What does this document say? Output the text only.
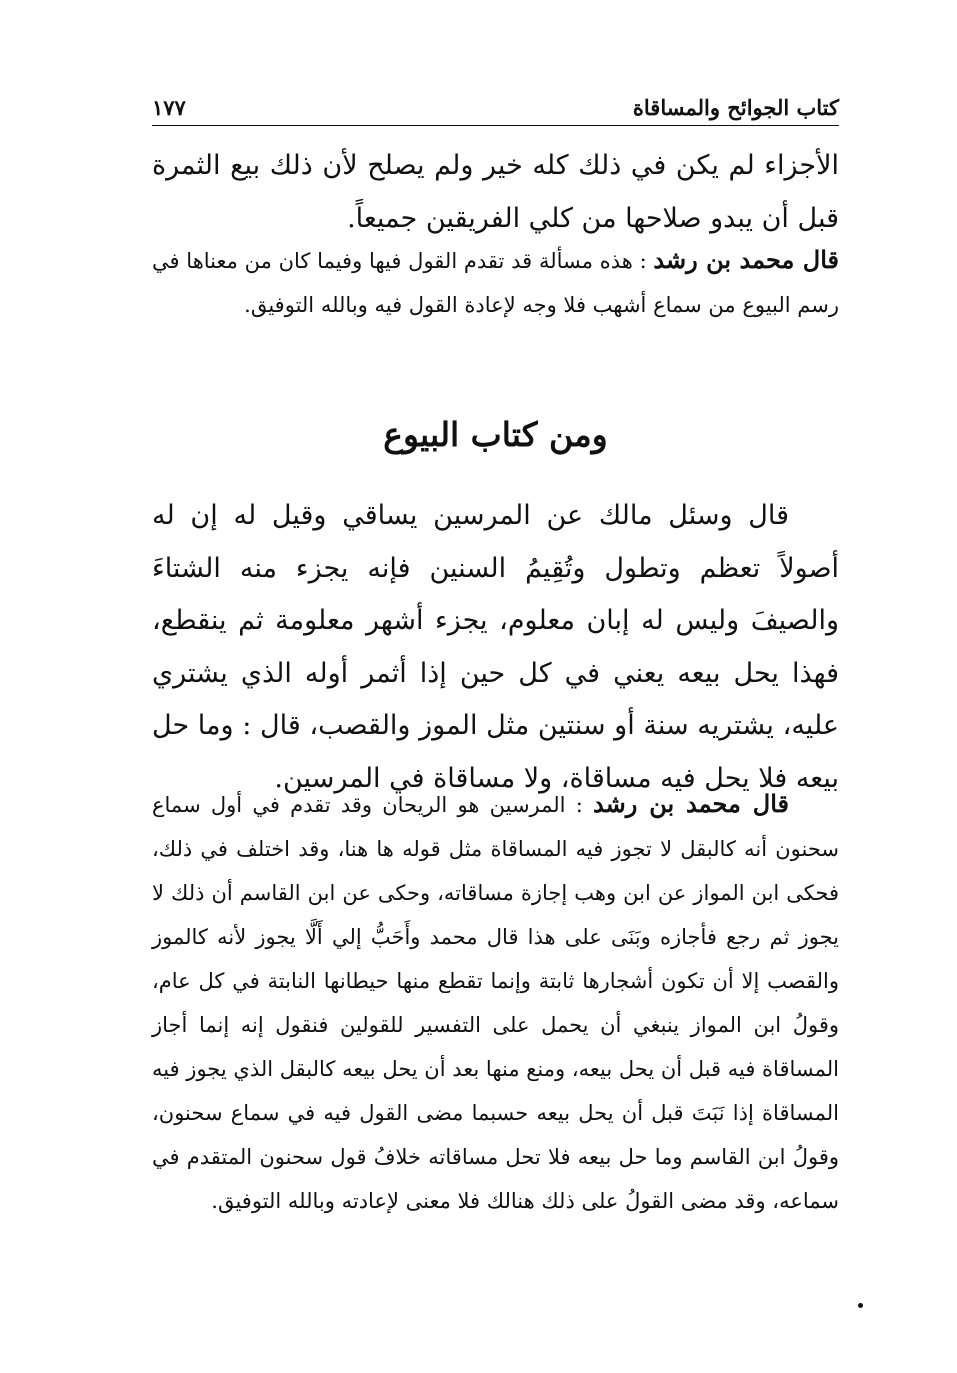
كتاب الجوائح والمساقاة
١٧٧

الأجزاء لم يكن في ذلك كله خير ولم يصلح لأن ذلك بيع الثمرة قبل أن يبدو صلاحها من كلي الفريقين جميعاً.

قال محمد بن رشد : هذه مسألة قد تقدم القول فيها وفيما كان من معناها في رسم البيوع من سماع أشهب فلا وجه لإعادة القول فيه وبالله التوفيق.

ومن كتاب البيوع

قال وسئل مالك عن المرسين يساقي وقيل له إن له أصولاً تعظم وتطول وتُقِيمُ السنين فإنه يجزء منه الشتاءَ والصيفَ وليس له إبان معلوم، يجزء أشهر معلومة ثم ينقطع، فهذا يحل بيعه يعني في كل حين إذا أثمر أوله الذي يشتري عليه، يشتريه سنة أو سنتين مثل الموز والقصب، قال : وما حل بيعه فلا يحل فيه مساقاة، ولا مساقاة في المرسين.

قال محمد بن رشد : المرسين هو الريحان وقد تقدم في أول سماع سحنون أنه كالبقل لا تجوز فيه المساقاة مثل قوله ها هنا، وقد اختلف في ذلك، فحكى ابن المواز عن ابن وهب إجازة مساقاته، وحكى عن ابن القاسم أن ذلك لا يجوز ثم رجع فأجازه وبَنَى على هذا قال محمد وأَحَبُّ إلي أَلَّا يجوز لأنه كالموز والقصب إلا أن تكون أشجارها ثابتة وإنما تقطع منها حيطانها النابتة في كل عام، وقولُ ابن المواز ينبغي أن يحمل على التفسير للقولين فنقول إنه إنما أجاز المساقاة فيه قبل أن يحل بيعه، ومنع منها بعد أن يحل بيعه كالبقل الذي يجوز فيه المساقاة إذا نَبَتَ قبل أن يحل بيعه حسبما مضى القول فيه في سماع سحنون، وقولُ ابن القاسم وما حل بيعه فلا تحل مساقاته خلافُ قول سحنون المتقدم في سماعه، وقد مضى القولُ على ذلك هنالك فلا معنى لإعادته وبالله التوفيق.
